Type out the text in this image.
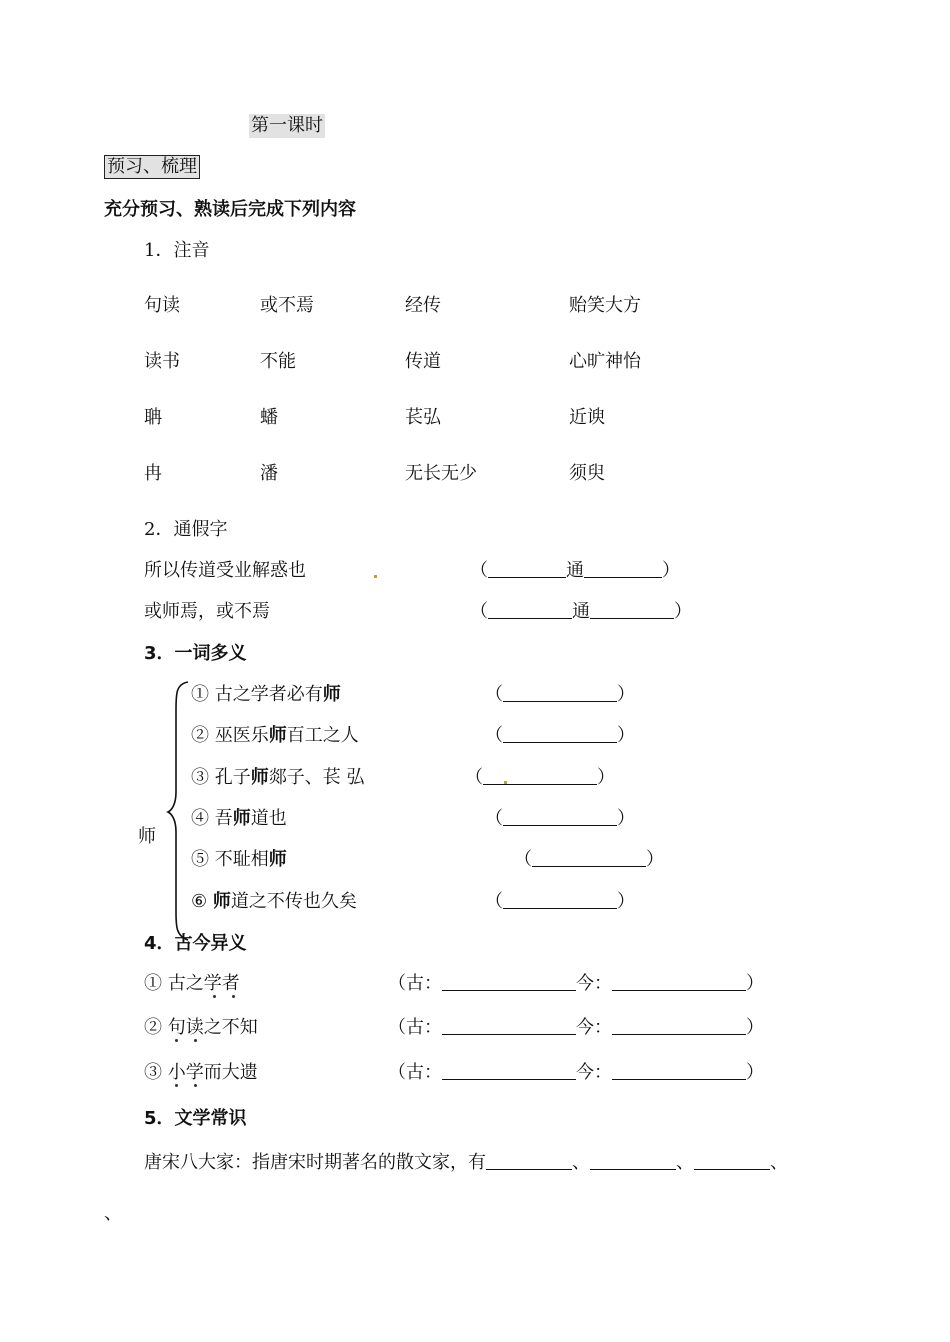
第一课时
预习、梳理
充分预习、熟读后完成下列内容
1．注音
句读	或不焉	经传	贻笑大方
读书	不能	传道	心旷神怡
聃	蟠	苌弘	近谀
冉	潘	无长无少	须臾
2．通假字
所以传道受业解惑也	（	通	）
或师焉，或不焉	（	通	）
3．一词多义
师
① 古之学者必有师	（	）
② 巫医乐师百工之人	（	）
③ 孔子师郯子、苌 弘	（	）
④ 吾师道也	（	）
⑤ 不耻相师	（	）
⑥ 师道之不传也久矣	（	）
4．古今异义
① 古之学者	（古：	今：	）
② 句读之不知	（古：	今：	）
③ 小学而大遗	（古：	今：	）
5．文学常识
唐宋八大家：指唐宋时期著名的散文家，有	、	、	、
、
